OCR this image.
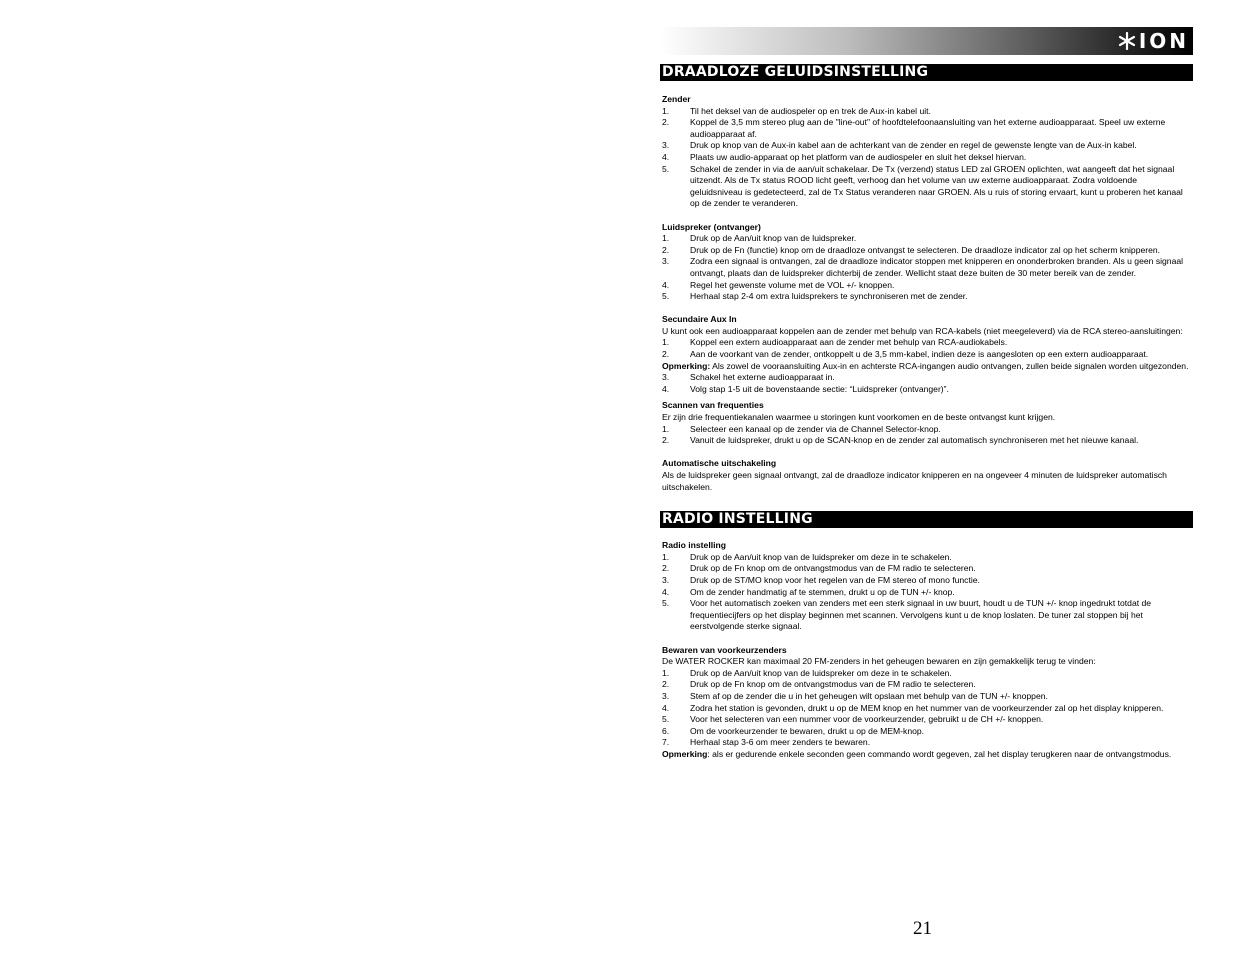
ION
DRAADLOZE GELUIDSINSTELLING
Zender
1.	Til het deksel van de audiospeler op en trek de Aux-in kabel uit.
2.	Koppel de 3,5 mm stereo plug aan de "line-out" of hoofdtelefoonaansluiting van het externe audioapparaat. Speel uw externe audioapparaat af.
3.	Druk op knop van de Aux-in kabel aan de achterkant van de zender en regel de gewenste lengte van de Aux-in kabel.
4.	Plaats uw audio-apparaat op het platform van de audiospeler en sluit het deksel hiervan.
5.	Schakel de zender in via de aan/uit schakelaar. De Tx (verzend) status LED zal GROEN oplichten, wat aangeeft dat het signaal uitzendt. Als de Tx status ROOD licht geeft, verhoog dan het volume van uw externe audioapparaat. Zodra voldoende geluidsniveau is gedetecteerd, zal de Tx Status veranderen naar GROEN. Als u ruis of storing ervaart, kunt u proberen het kanaal op de zender te veranderen.
Luidspreker (ontvanger)
1.	Druk op de Aan/uit knop van de luidspreker.
2.	Druk op de Fn (functie) knop om de draadloze ontvangst te selecteren. De draadloze indicator zal op het scherm knipperen.
3.	Zodra een signaal is ontvangen, zal de draadloze indicator stoppen met knipperen en ononderbroken branden. Als u geen signaal ontvangt, plaats dan de luidspreker dichterbij de zender. Wellicht staat deze buiten de 30 meter bereik van de zender.
4.	Regel het gewenste volume met de VOL +/- knoppen.
5.	Herhaal stap 2-4 om extra luidsprekers te synchroniseren met de zender.
Secundaire Aux In
U kunt ook een audioapparaat koppelen aan de zender met behulp van RCA-kabels (niet meegeleverd) via de RCA stereo-aansluitingen:
1.	Koppel een extern audioapparaat aan de zender met behulp van RCA-audiokabels.
2.	Aan de voorkant van de zender, ontkoppelt u de 3,5 mm-kabel, indien deze is aangesloten op een extern audioapparaat.
Opmerking: Als zowel de vooraansluiting Aux-in en achterste RCA-ingangen audio ontvangen, zullen beide signalen worden uitgezonden.
3.	Schakel het externe audioapparaat in.
4.	Volg stap 1-5 uit de bovenstaande sectie: “Luidspreker (ontvanger)”.
Scannen van frequenties
Er zijn drie frequentiekanalen waarmee u storingen kunt voorkomen en de beste ontvangst kunt krijgen.
1.	Selecteer een kanaal op de zender via de Channel Selector-knop.
2.	Vanuit de luidspreker, drukt u op de SCAN-knop en de zender zal automatisch synchroniseren met het nieuwe kanaal.
Automatische uitschakeling
Als de luidspreker geen signaal ontvangt, zal de draadloze indicator knipperen en na ongeveer 4 minuten de luidspreker automatisch uitschakelen.
RADIO INSTELLING
Radio instelling
1.	Druk op de Aan/uit knop van de luidspreker om deze in te schakelen.
2.	Druk op de Fn knop om de ontvangstmodus van de FM radio te selecteren.
3.	Druk op de ST/MO knop voor het regelen van de FM stereo of mono functie.
4.	Om de zender handmatig af te stemmen, drukt u op de TUN +/- knop.
5.	Voor het automatisch zoeken van zenders met een sterk signaal in uw buurt, houdt u de TUN +/- knop ingedrukt totdat de frequentiecijfers op het display beginnen met scannen. Vervolgens kunt u de knop loslaten. De tuner zal stoppen bij het eerstvolgende sterke signaal.
Bewaren van voorkeurzenders
De WATER ROCKER kan maximaal 20 FM-zenders in het geheugen bewaren en zijn gemakkelijk terug te vinden:
1.	Druk op de Aan/uit knop van de luidspreker om deze in te schakelen.
2.	Druk op de Fn knop om de ontvangstmodus van de FM radio te selecteren.
3.	Stem af op de zender die u in het geheugen wilt opslaan met behulp van de TUN +/- knoppen.
4.	Zodra het station is gevonden, drukt u op de MEM knop en het nummer van de voorkeurzender zal op het display knipperen.
5.	Voor het selecteren van een nummer voor de voorkeurzender, gebruikt u de CH +/- knoppen.
6.	Om de voorkeurzender te bewaren, drukt u op de MEM-knop.
7.	Herhaal stap 3-6 om meer zenders te bewaren.
Opmerking: als er gedurende enkele seconden geen commando wordt gegeven, zal het display terugkeren naar de ontvangstmodus.
21
